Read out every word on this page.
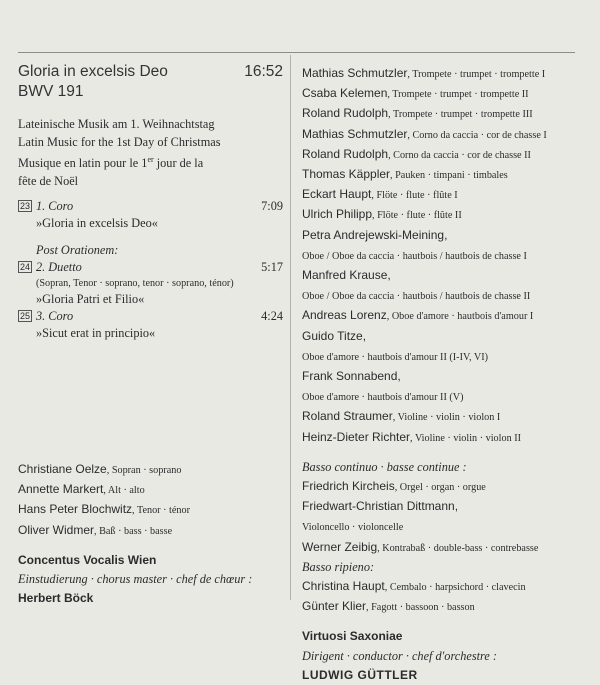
Gloria in excelsis Deo	16:52
BWV 191
Lateinische Musik am 1. Weihnachtstag
Latin Music for the 1st Day of Christmas
Musique en latin pour le 1er jour de la
fête de Noël
23 1. Coro	7:09
»Gloria in excelsis Deo«
Post Orationem:
24 2. Duetto	5:17
(Sopran, Tenor · soprano, tenor · soprano, ténor)
»Gloria Patri et Filio«
25 3. Coro	4:24
»Sicut erat in principio«
Christiane Oelze, Sopran · soprano
Annette Markert, Alt · alto
Hans Peter Blochwitz, Tenor · ténor
Oliver Widmer, Baß · bass · basse
Concentus Vocalis Wien
Einstudierung · chorus master · chef de chœur :
Herbert Böck
Mathias Schmutzler, Trompete · trumpet · trompette I
Csaba Kelemen, Trompete · trumpet · trompette II
Roland Rudolph, Trompete · trumpet · trompette III
Mathias Schmutzler, Corno da caccia · cor de chasse I
Roland Rudolph, Corno da caccia · cor de chasse II
Thomas Käppler, Pauken · timpani · timbales
Eckart Haupt, Flöte · flute · flûte I
Ulrich Philipp, Flöte · flute · flûte II
Petra Andrejewski-Meining,
Oboe / Oboe da caccia · hautbois / hautbois de chasse I
Manfred Krause,
Oboe / Oboe da caccia · hautbois / hautbois de chasse II
Andreas Lorenz, Oboe d'amore · hautbois d'amour I
Guido Titze,
Oboe d'amore · hautbois d'amour II (I-IV, VI)
Frank Sonnabend,
Oboe d'amore · hautbois d'amour II (V)
Roland Straumer, Violine · violin · violon I
Heinz-Dieter Richter, Violine · violin · violon II
Basso continuo · basse continue :
Friedrich Kircheis, Orgel · organ · orgue
Friedwart-Christian Dittmann,
Violoncello · violoncelle
Werner Zeibig, Kontrabaß · double-bass · contrebasse
Basso ripieno:
Christina Haupt, Cembalo · harpsichord · clavecin
Günter Klier, Fagott · bassoon · basson
Virtuosi Saxoniae
Dirigent · conductor · chef d'orchestre :
LUDWIG GÜTTLER
